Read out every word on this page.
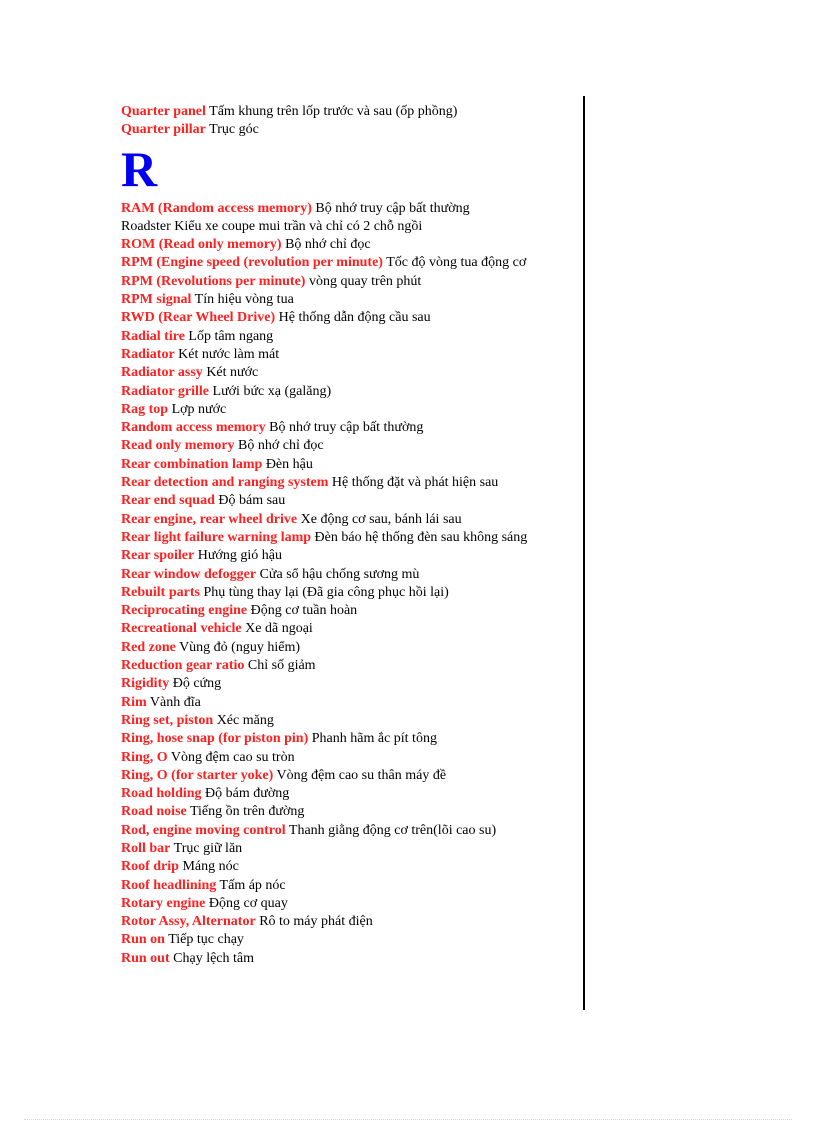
Quarter panel Tấm khung trên lốp trước và sau (ốp phồng)

Quarter pillar Trục góc

R

RAM (Random access memory) Bộ nhớ truy cập bất thường

Roadster Kiểu xe coupe mui trần và chỉ có 2 chỗ ngồi

ROM (Read only memory) Bộ nhớ chỉ đọc

RPM (Engine speed (revolution per minute) Tốc độ vòng tua động cơ

RPM (Revolutions per minute) vòng quay trên phút

RPM signal Tín hiệu vòng tua

RWD (Rear Wheel Drive) Hệ thống dẫn động cầu sau

Radial tire Lốp tâm ngang

Radiator Két nước làm mát

Radiator assy Két nước

Radiator grille Lưới bức xạ (galăng)

Rag top Lợp nước

Random access memory Bộ nhớ truy cập bất thường

Read only memory Bộ nhớ chỉ đọc

Rear combination lamp Đèn hậu

Rear detection and ranging system Hệ thống đặt và phát hiện sau

Rear end squad Độ bám sau

Rear engine, rear wheel drive Xe động cơ sau, bánh lái sau

Rear light failure warning lamp Đèn báo hệ thống đèn sau không sáng

Rear spoiler Hướng gió hậu

Rear window defogger Cửa sổ hậu chống sương mù

Rebuilt parts Phụ tùng thay lại (Đã gia công phục hồi lại)

Reciprocating engine Động cơ tuần hoàn

Recreational vehicle Xe dã ngoại

Red zone Vùng đỏ (nguy hiểm)

Reduction gear ratio Chỉ số giảm

Rigidity Độ cứng

Rim Vành đĩa

Ring set, piston Xéc măng

Ring, hose snap (for piston pin) Phanh hãm ắc pít tông

Ring, O Vòng đệm cao su tròn

Ring, O (for starter yoke) Vòng đệm cao su thân máy đề

Road holding Độ bám đường

Road noise Tiếng ồn trên đường

Rod, engine moving control Thanh giằng động cơ trên(lõi cao su)

Roll bar Trục giữ lăn

Roof drip Máng nóc

Roof headlining Tấm áp nóc

Rotary engine Động cơ quay

Rotor Assy, Alternator Rô to máy phát điện

Run on Tiếp tục chạy

Run out Chạy lệch tâm
